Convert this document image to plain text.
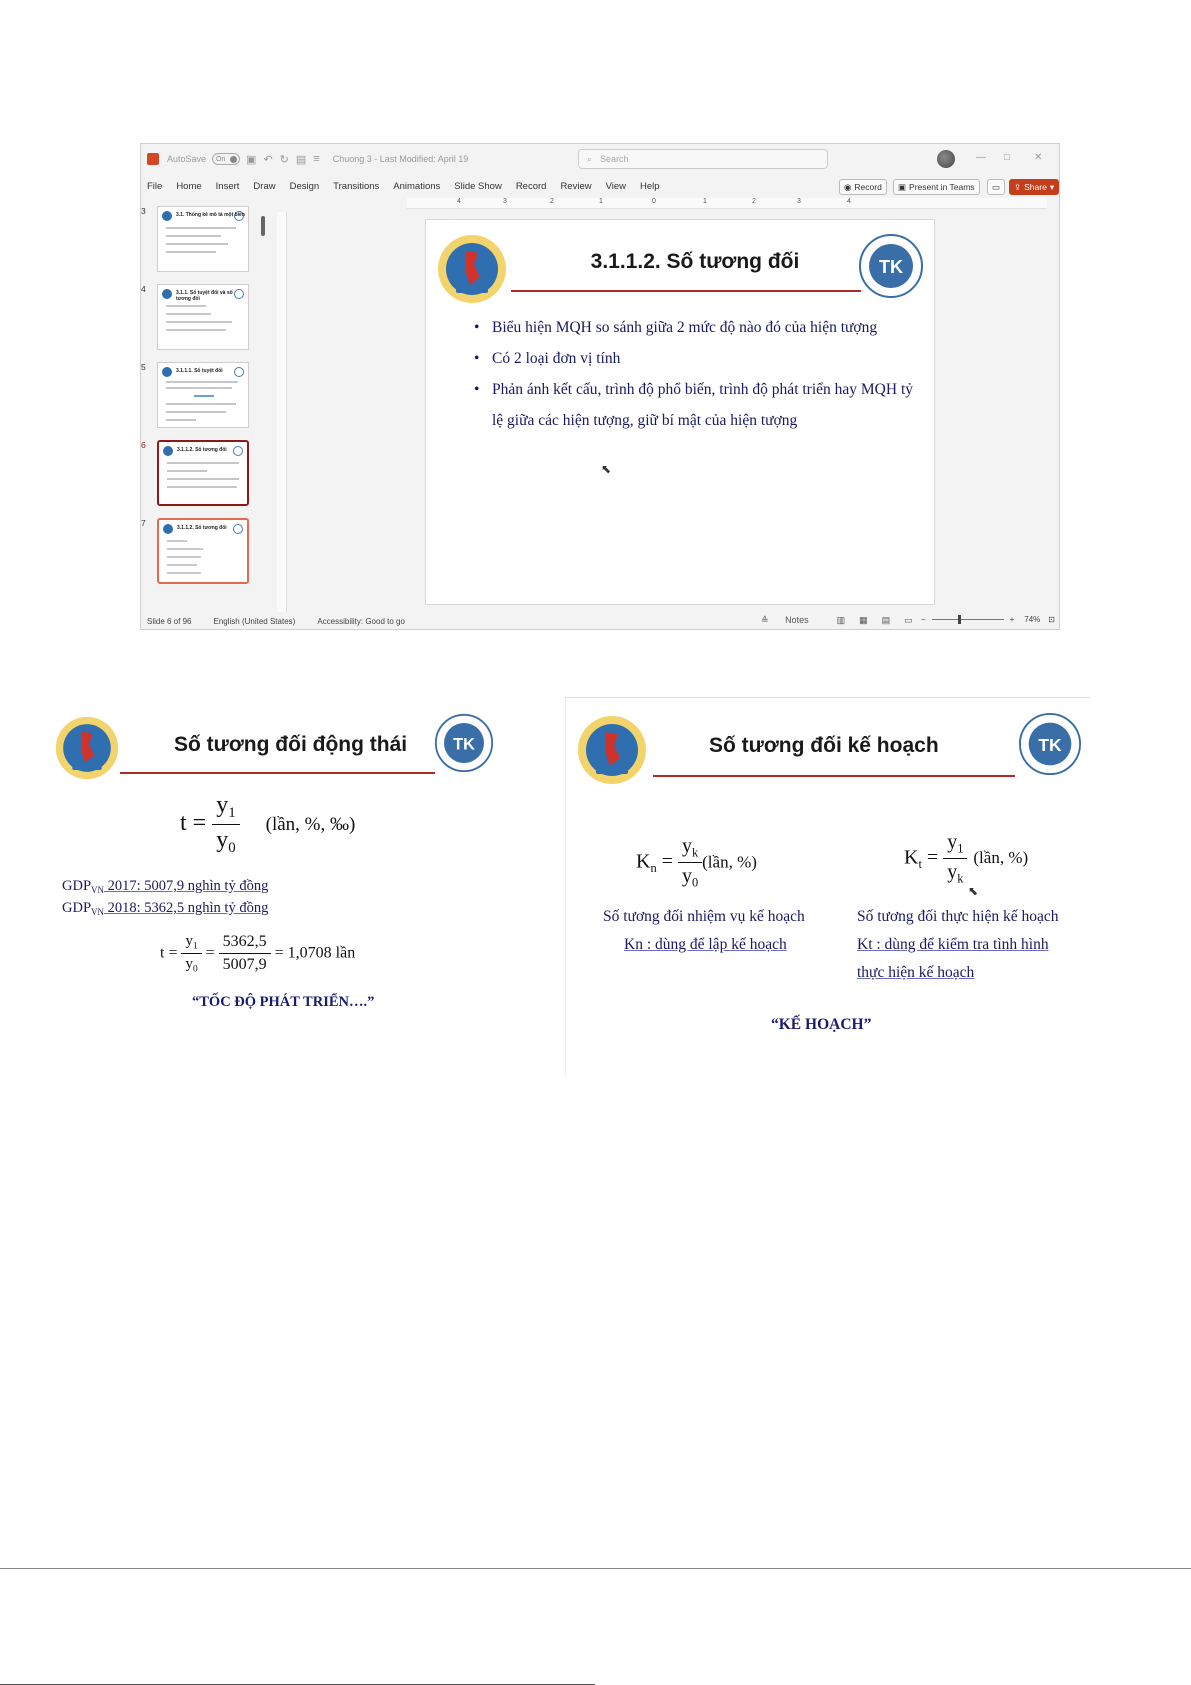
AutoSave	On	▣ ↶ ↻ ▤ ≡ Chuong 3 - Last Modified: April 19	⌕ Search	— □ ✕
File Home Insert Draw Design Transitions Animations Slide Show Record Review View Help	◉ Record ▣ Present in Teams ▭ ⇪ Share ▾
3	3.1. Thống kê mô tả một biến
4	3.1.1. Số tuyệt đối và số tương đối
5	3.1.1.1. Số tuyệt đối
6	3.1.1.2. Số tương đối
7	3.1.1.2. Số tương đối
4	3	2	1	0	1	2	3	4
3.1.1.2. Số tương đối	TK
• Biểu hiện MQH so sánh giữa 2 mức độ nào đó của hiện tượng
• Có 2 loại đơn vị tính
• Phản ánh kết cấu, trình độ phổ biến, trình độ phát triển hay MQH tỷ lệ giữa các hiện tượng, giữ bí mật của hiện tượng
⬉
Slide 6 of 96	English (United States)	Accessibility: Good to go	≙ Notes	▥ ▦ ▤ ▭ −	+ 74% ⊡
Số tương đối động thái	TK
$t = \frac{y_1}{y_0}$ (lần, %, ‰)
$GDP_{VN}$ 2017: 5007,9 nghìn tỷ đồng
$GDP_{VN}$ 2018: 5362,5 nghìn tỷ đồng
$t = \frac{y_1}{y_0} = \frac{5362,5}{5007,9} = 1,0708$ lần
“TỐC ĐỘ PHÁT TRIỂN….”
Số tương đối kế hoạch	TK
$K_n = \frac{y_k}{y_0}$ (lần, %)	$K_t = \frac{y_1}{y_k}$ (lần, %)
⬉
Số tương đối nhiệm vụ kế hoạch
Kn : dùng để lập kế hoạch
Số tương đối thực hiện kế hoạch
Kt : dùng để kiểm tra tình hình
thực hiện kế hoạch
“KẾ HOẠCH”
